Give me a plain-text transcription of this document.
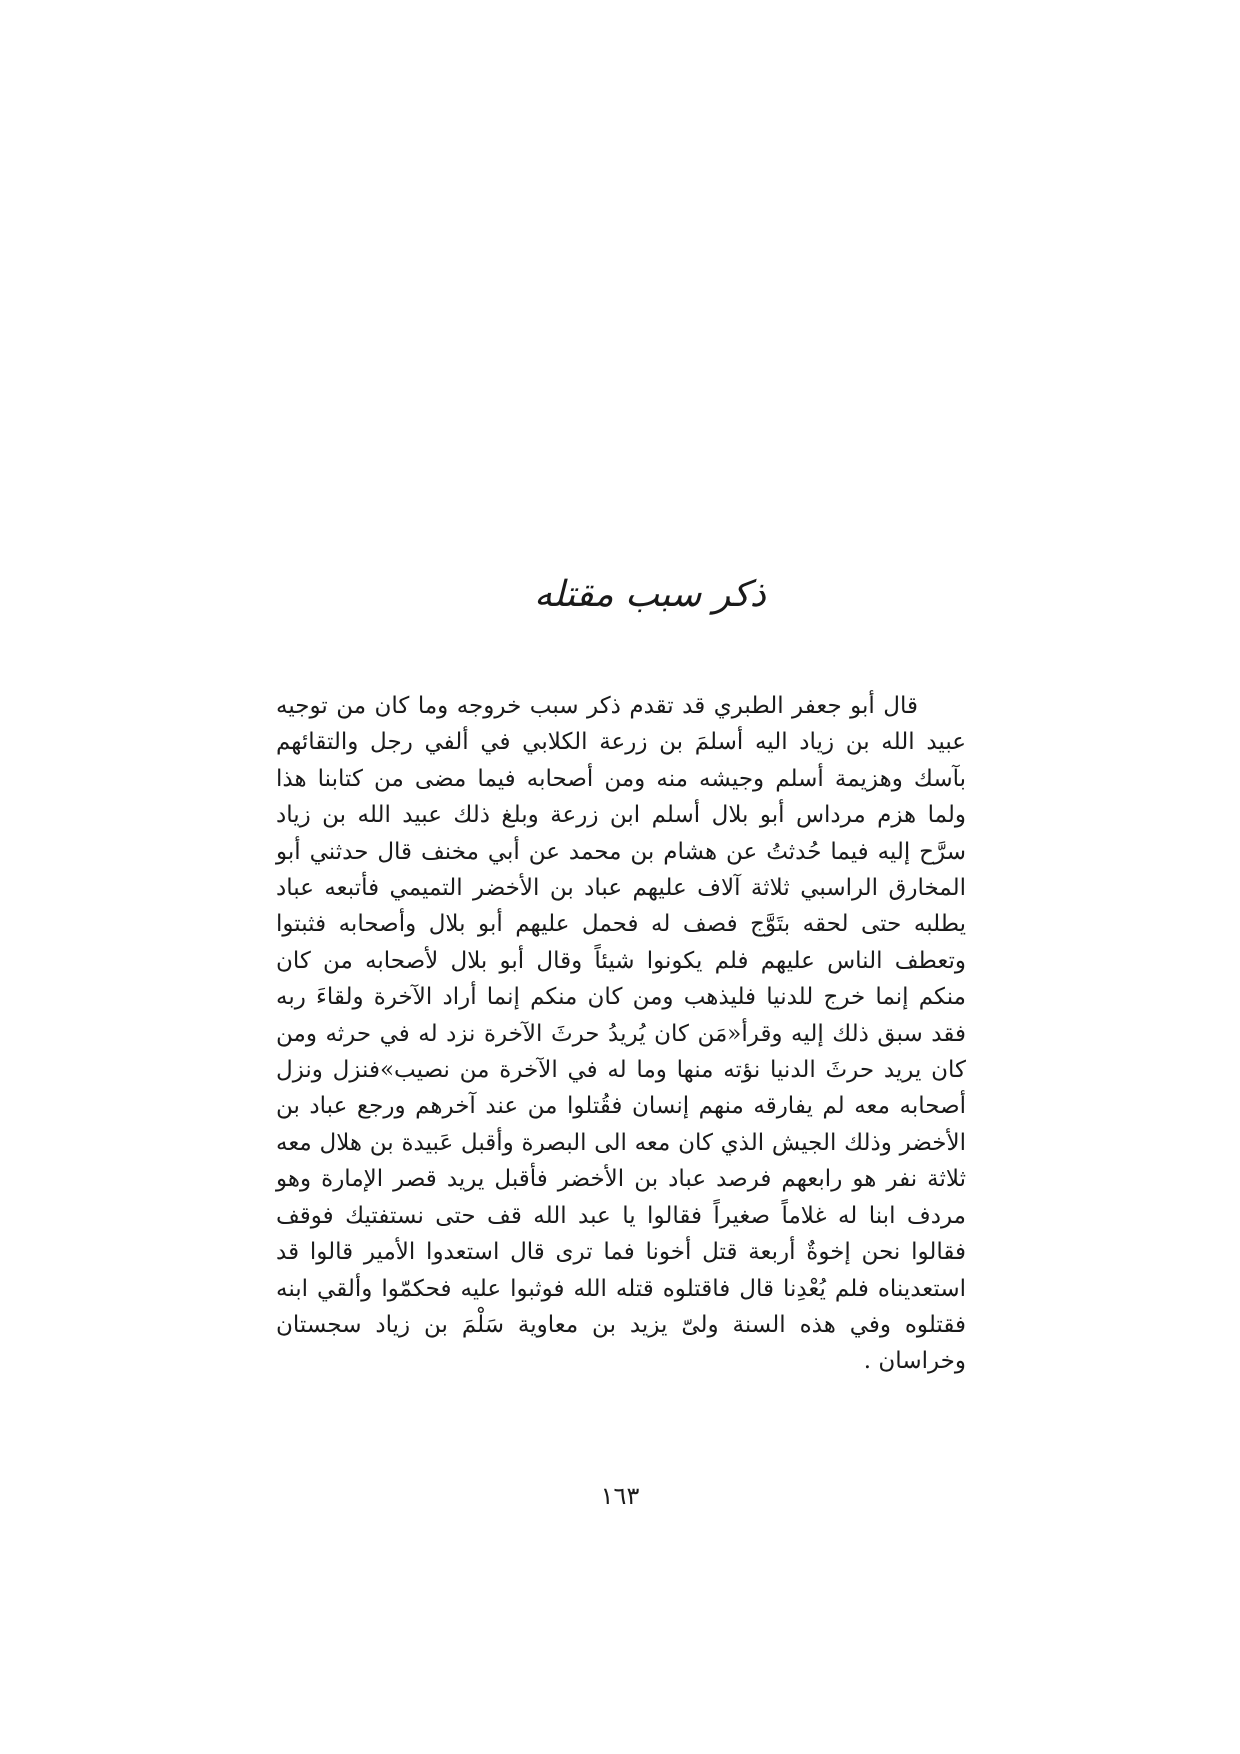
ذكر سبب مقتله

قال أبو جعفر الطبري قد تقدم ذكر سبب خروجه وما كان من توجيه عبيد الله بن زياد اليه أسلمَ بن زرعة الكلابي في ألفي رجل والتقائهم بآسك وهزيمة أسلم وجيشه منه ومن أصحابه فيما مضى من كتابنا هذا ولما هزم مرداس أبو بلال أسلم ابن زرعة وبلغ ذلك عبيد الله بن زياد سرَّح إليه فيما حُدثتُ عن هشام بن محمد عن أبي مخنف قال حدثني أبو المخارق الراسبي ثلاثة آلاف عليهم عباد بن الأخضر التميمي فأتبعه عباد يطلبه حتى لحقه بتَوَّج فصف له فحمل عليهم أبو بلال وأصحابه فثبتوا وتعطف الناس عليهم فلم يكونوا شيئاً وقال أبو بلال لأصحابه من كان منكم إنما خرج للدنيا فليذهب ومن كان منكم إنما أراد الآخرة ولقاءَ ربه فقد سبق ذلك إليه وقرأ«مَن كان يُريدُ حرثَ الآخرة نزد له في حرثه ومن كان يريد حرثَ الدنيا نؤته منها وما له في الآخرة من نصيب»فنزل ونزل أصحابه معه لم يفارقه منهم إنسان فقُتلوا من عند آخرهم ورجع عباد بن الأخضر وذلك الجيش الذي كان معه الى البصرة وأقبل عَبيدة بن هلال معه ثلاثة نفر هو رابعهم فرصد عباد بن الأخضر فأقبل يريد قصر الإمارة وهو مردف ابنا له غلاماً صغيراً فقالوا يا عبد الله قف حتى نستفتيك فوقف فقالوا نحن إخوةٌ أربعة قتل أخونا فما ترى قال استعدوا الأمير قالوا قد استعديناه فلم يُعْدِنا قال فاقتلوه قتله الله فوثبوا عليه فحكمّوا وألقي ابنه فقتلوه وفي هذه السنة ولىّ يزيد بن معاوية سَلْمَ بن زياد سجستان وخراسان .

١٦٣
